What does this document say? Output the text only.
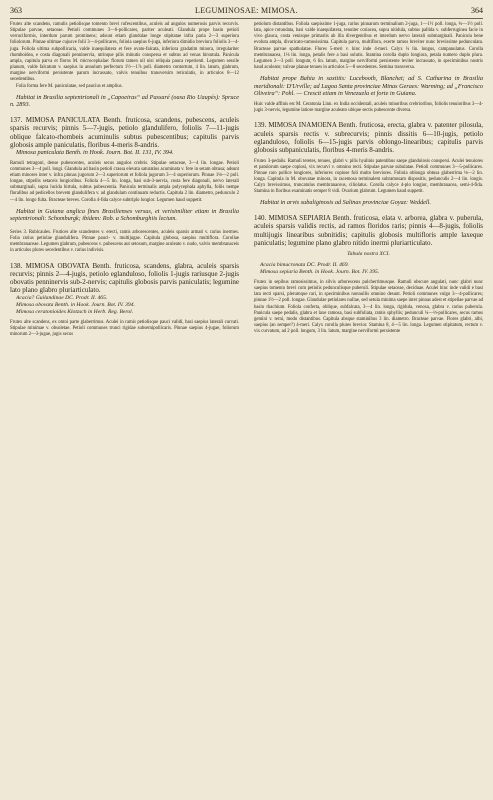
363	LEGUMINOSAE: MIMOSA.	364

Frutex alte scandens, ramulis petiolisque tomento brevi rufescentibus, aculeis ad angulos numerosis parvis recurvis. Stipulae parvae, setaceae. Petioli communes 3—6-pollicares, pariter aculeati. Glandula prope basin petioli verruciformis, interdum parum prominens; adsunt etiam glandulae longe stipitatae infra paria 2—3 superiora foliolorum. Pinnae ultimae cujusve folii 3—4-pollicares, foliola saepius 6-juga, inferiora dimidio breviora foliolis 3—4-juga. Foliola ultima subpollicaria, valde inaequilatera et fere ovato-falcata, inferiora gradatim minora, irregulariter rhomboidea, e costa diagonali penninervia, utrinque pilis minutis conspersa et subtus ad venas hirsutula. Panicula ampla, capitula parva et floros M. microcephalae: florum tamen nil nisi reliquia pauca reperienti. Legumen sessile planum, valde falcatum v. saepius in annulum perfectum 1½—1⅞ poll. diametro contortum, 4 lin. latum, glabrum, margine nerviformi persistente parum incrassato, valvis tenuibus transversim reticulatis, in articulos 8—12 secedentibus.

Folia forma fere M. paniculatae, sed paucius et amplius.

Habitat in Brasilia septentrionali in „Capoeiras“ ad Passaré (oasa Rio Uaupés): Spruce n. 2893.

137. MIMOSA PANICULATA Benth. fruticosa, scandens, pubescens, aculeis sparsis recurvis; pinnis 5—7-jugis, petiolo glandulifero, foliolis 7—11-jugis oblique falcato-rhombeis acuminulis subtus pubescentibus; capitulis parvis globosis ample paniculatis, floribus 4-meris 8-andris.

Mimosa paniculata Benth. in Hook. Journ. Bot. II. 131, IV. 394.

Ramuli tetragoni, dense pubescentes, aculeis secus angulos crebris. Stipulae setaceae, 3—4 lin. longae. Petioli communes 3—4 poll. longi. Glandula ad basin petioli crassa elevata saturatius acuminata v. fere in setam obtusa; adsunt etiam minores inter v. infra pinnas jugorum 2—3 superiorum et foliola jugorum 3—4 superiorum. Pinnae 1⅛—2 poll. longae, stipellis setaceis longioribus. Foliola 4—5 lin. longa, basi sub-3-nervia, costa fere diagonali, nervo laterali submarginali, supra lucida hirtula, subtus pubescentia. Panicula terminalis ampla polycephala aphylla, foliis nempe floralibus ad pedicellos brevem glandulifera v. ad glandulam continuam reductis. Capitula 2 lin. diametro, pedunculo 2—4 lin. longo fulta. Bracteae breves. Corolla 4-fida calyce subtriplo longior. Legumen haud suppetit.

Habitat in Guiana anglica fines Brasilienses versus, et verisimiliter etiam in Brasilia septentrionali: Schomburgk; ibidem: Rob. a Schomburghiis lecium.

Series 3. Rubicaules. Frutices alte scandentes v. erecti, ramis arborescentes, aculeis sparsis armati v. rarius inermes. Folia rarius petiolae glandulifera. Pinnae pauci- v. multijugae. Capitula globosa, saepius multiflora. Corollae membranaceae. Legumen glabrum, pubescens v. pubescens aut setosum, margine aculeato v. nudo, valvis membranaceis in articulos plures secedentibus v. rarius indivisis.

138. MIMOSA OBOVATA Benth. fruticosa, scandens, glabra, aculeis sparsis recurvis; pinnis 2—4-jugis, petiolo eglanduloso, foliolis 1-jugis rariusque 2-jugis obovatis penninervis sub-2-nervis; capitulis globosis parvis paniculatis; legumine lato plano glabro pluriarticulato.

Acacia? Guilandinae DC. Prodr. II. 465.

Mimosa obovata Benth. in Hook. Journ. Bot. IV. 394.

Mimosa ceratonioides Klotzsch in Herb. Reg. Berol.

Frutex alte scandens, ex omni parte glaberrimus. Aculei in ramis petiolisque pauci validi, basi saepius laterali curvati. Stipulae minimae v. obsoletae. Petioli communes trunci rigidae subsemipollicaris. Pinnae saepius 4-jugae, foliorum minorum 2—3-jugae, jugis secus

petiolum distantibus. Foliola saepissime 1-juga, rarius pinnarum terminalium 2-juga, 1—1½ poll. longa, ¾—1½ poll. lata, apice rotundata, basi valde inaequilatera, tenuiter coriacea, supra nitidula, subtus pallida v. subferruginea facie in vivo glauca, costa venisque primariis ab illa divergentibus et interdum nervo laterali submarginali. Panicula bene evoluta ampla, divaricato-ramosissima. Capitula parva, multiflora, exerte ramos breviter nunc brevissime pedunculata. Bracteae parvae spathulatae. Flores 5-meri v. hinc inde 4-meri. Calyx ¼ lin. longus, campanulatus. Corolla membranacea, 1⅛ lin. longa, petalis fere a basi solutis. Stamina corolla duplo longiora, petala numero duplo plura. Legumen 2—3 poll. longum, 6 lin. latum, margine nerviformi persistente leviter incrassato, in speciminibus nostris haud aculeato; valvae planae tenues in articulos 5—8 secedentes. Semina transversa.

Habitat prope Bahia in saxitiis: Lucebooth, Blanchet; ad S. Catharina in Brasilia meridionali: D'Urville; ad Lagoa Santa provinciae Minas Geraes: Warming; ad „Francisco Oliveira“: Pohl. — Crescit etiam in Venezuela et forte in Guiana.

Huic valde affinis est M. Ceratonia Linn. ex India occidentali, aculeis minoribus crebrioribus, foliolis tenuioribus 3—4-jugis 3-nervis, legumine latiore margine aculeato ubique sectis pubescente diversa.

139. MIMOSA INAMOENA Benth. fruticosa, erecta, glabra v. patenter pilosula, aculeis sparsis rectis v. subrecurvis; pinnis dissitis 6—10-jugis, petiolo eglanduloso, foliolis 6—15-jugis parvis oblongo-linearibus; capitulis parvis globosis subpaniculatis, floribus 4-meris 8-andris.

Frutex 3-pedalis. Ramuli teretes, tenues, glabri v. pilis hyalinis patentibus saepe glandulosis conspersi. Aculei tenuiores et patulorum saepe copiosi, vix recurvi v. omnino recti. Stipulae parvae subulatae. Petioli communes 3—5-pollicares. Pinnae raro pollice longiores, inferiores copiose foli multo breviores. Foliola oblonga obtusa glaberrima ⅛—2 lin. longa. Capitula in M. obovatae minora, in racemosa terminalem subramosam dispositis, pedunculis 2—4 lin. longis. Calyx brevissimus, truncatulus membranaceus, ciliolatus. Corolla calyce 4-plo longior, membranacea, semi-4-fida. Stamina in floribus examinatis semper 8 vidi. Ovarium glabrum. Legumen haud suppetit.

Habitat in arvis subaliginosis ad Salinas provinciae Goyaz: Weddell.

140. MIMOSA SEPIARIA Benth. fruticosa, elata v. arborea, glabra v. puberula, aculeis sparsis validis rectis, ad ramos floridos raris; pinnis 4—8-jugis, foliolis multijugis linearibus subnitidis; capitulis globosis multifloris ample laxeque paniculatis; legumine plano glabro nitido inermi pluriarticulato.

Tabula nostra XCI.

Acacia bimucronata DC. Prodr. II. 469.

Mimosa sepiaria Benth. in Hook. Journ. Bot. IV. 395.

Frutex in sepibus ramosissimus, in silvis arborescens pulcherrimusque. Ramuli obscure angulati, nunc glabri nunc saepius tomento brevi cum petiolis pedunculisque puberuli. Stipulae setaceae, deciduae. Aculei hinc inde validi e basi lata recti sparsi, plerumque rari, in speciminibus nonnullis omnino desunt. Petioli communes vulgo 3—4-pollicares; pinnae 1½—2 poll. longae. Glandulae petiolares nullae, sed setula minima saepe inter pinnas adest et stipellae parvae ad basin rhachium. Foliola conferta, oblique, subfalcata, 3—4 lin. longa, rigidula, venosa, glabra v. rarius puberula. Panicula saepe pedalis, glabra et laxe ramosa, basi subfoliata, ramis sphyllis; pedunculi ¼—⅓-pollicares, secus ramos gemini v. terni, modo distantibus. Capitula absque staminibus 3 lin. diametro. Bracteae parvae. Flores glabri, albi, saepius (an semper?) 4-meri. Calyx corolla plures brevior. Stamina 8, 4—5 lin. longa. Legumen stipitatum, rectum v. vix curvatum, ad 2 poll. longum, 3 lin. latum, margine nerviformi persistente
